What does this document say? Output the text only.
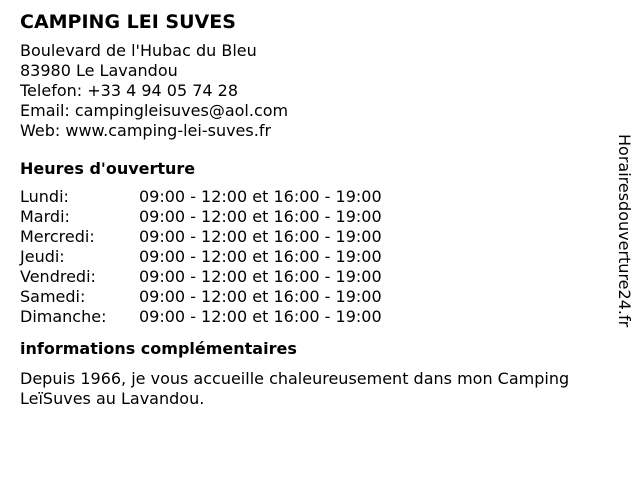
CAMPING LEI SUVES
Boulevard de l'Hubac du Bleu
83980 Le Lavandou
Telefon: +33 4 94 05 74 28
Email: campingleisuves@aol.com
Web: www.camping-lei-suves.fr
Heures d'ouverture
Lundi:	09:00 - 12:00 et 16:00 - 19:00
Mardi:	09:00 - 12:00 et 16:00 - 19:00
Mercredi:	09:00 - 12:00 et 16:00 - 19:00
Jeudi:	09:00 - 12:00 et 16:00 - 19:00
Vendredi:	09:00 - 12:00 et 16:00 - 19:00
Samedi:	09:00 - 12:00 et 16:00 - 19:00
Dimanche:	09:00 - 12:00 et 16:00 - 19:00
informations complémentaires
Depuis 1966, je vous accueille chaleureusement dans mon Camping LeïSuves au Lavandou.
Horairesdouverture24.fr
